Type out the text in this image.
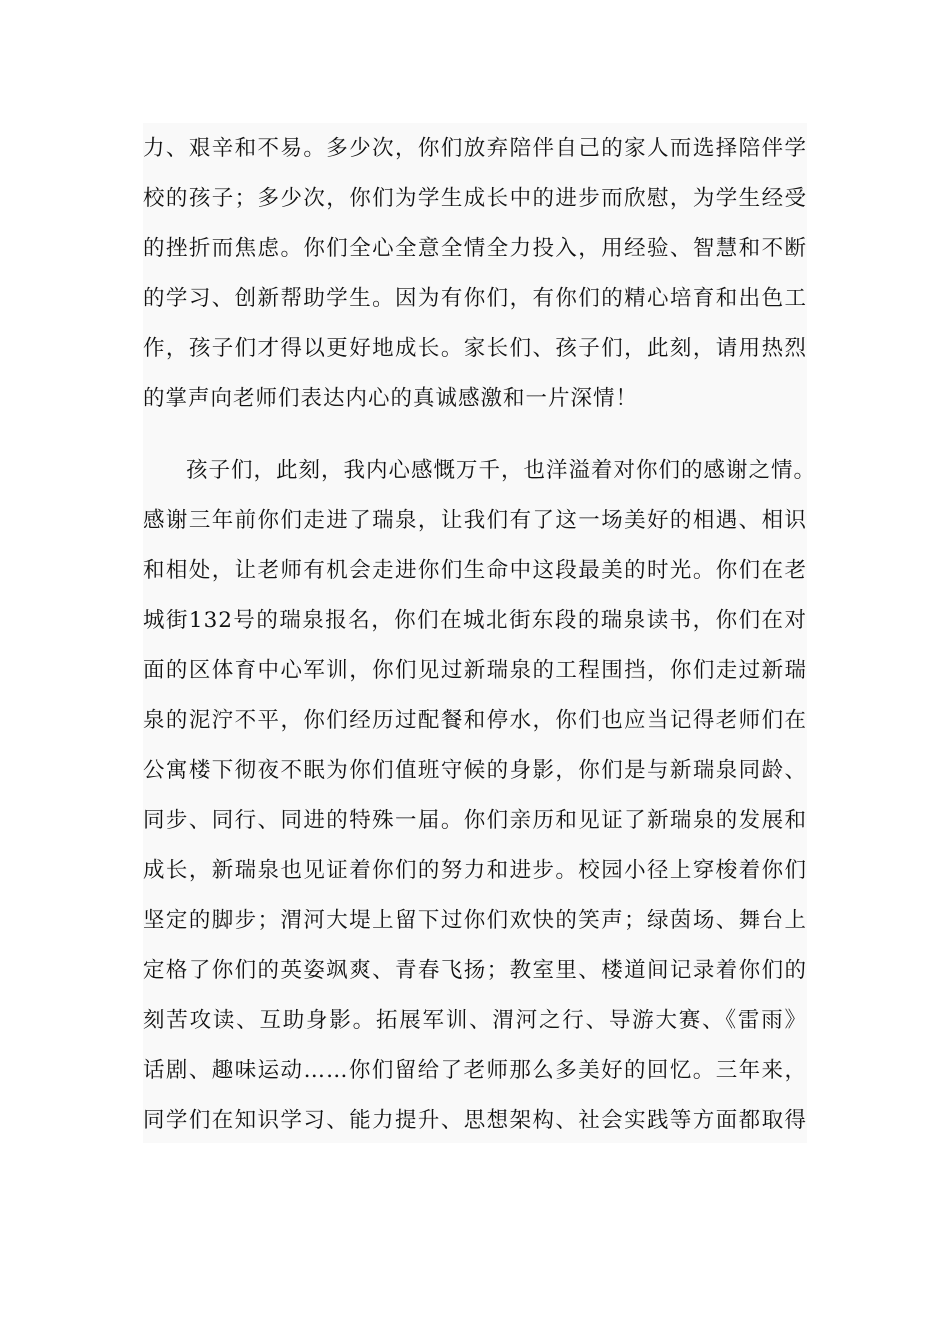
力、艰辛和不易。多少次，你们放弃陪伴自己的家人而选择陪伴学
校的孩子；多少次，你们为学生成长中的进步而欣慰，为学生经受
的挫折而焦虑。你们全心全意全情全力投入，用经验、智慧和不断
的学习、创新帮助学生。因为有你们，有你们的精心培育和出色工
作，孩子们才得以更好地成长。家长们、孩子们，此刻，请用热烈
的掌声向老师们表达内心的真诚感激和一片深情！
孩子们，此刻，我内心感慨万千，也洋溢着对你们的感谢之情。
感谢三年前你们走进了瑞泉，让我们有了这一场美好的相遇、相识
和相处，让老师有机会走进你们生命中这段最美的时光。你们在老
城街132号的瑞泉报名，你们在城北街东段的瑞泉读书，你们在对
面的区体育中心军训，你们见过新瑞泉的工程围挡，你们走过新瑞
泉的泥泞不平，你们经历过配餐和停水，你们也应当记得老师们在
公寓楼下彻夜不眠为你们值班守候的身影，你们是与新瑞泉同龄、
同步、同行、同进的特殊一届。你们亲历和见证了新瑞泉的发展和
成长，新瑞泉也见证着你们的努力和进步。校园小径上穿梭着你们
坚定的脚步；渭河大堤上留下过你们欢快的笑声；绿茵场、舞台上
定格了你们的英姿飒爽、青春飞扬；教室里、楼道间记录着你们的
刻苦攻读、互助身影。拓展军训、渭河之行、导游大赛、《雷雨》
话剧、趣味运动……你们留给了老师那么多美好的回忆。三年来，
同学们在知识学习、能力提升、思想架构、社会实践等方面都取得
